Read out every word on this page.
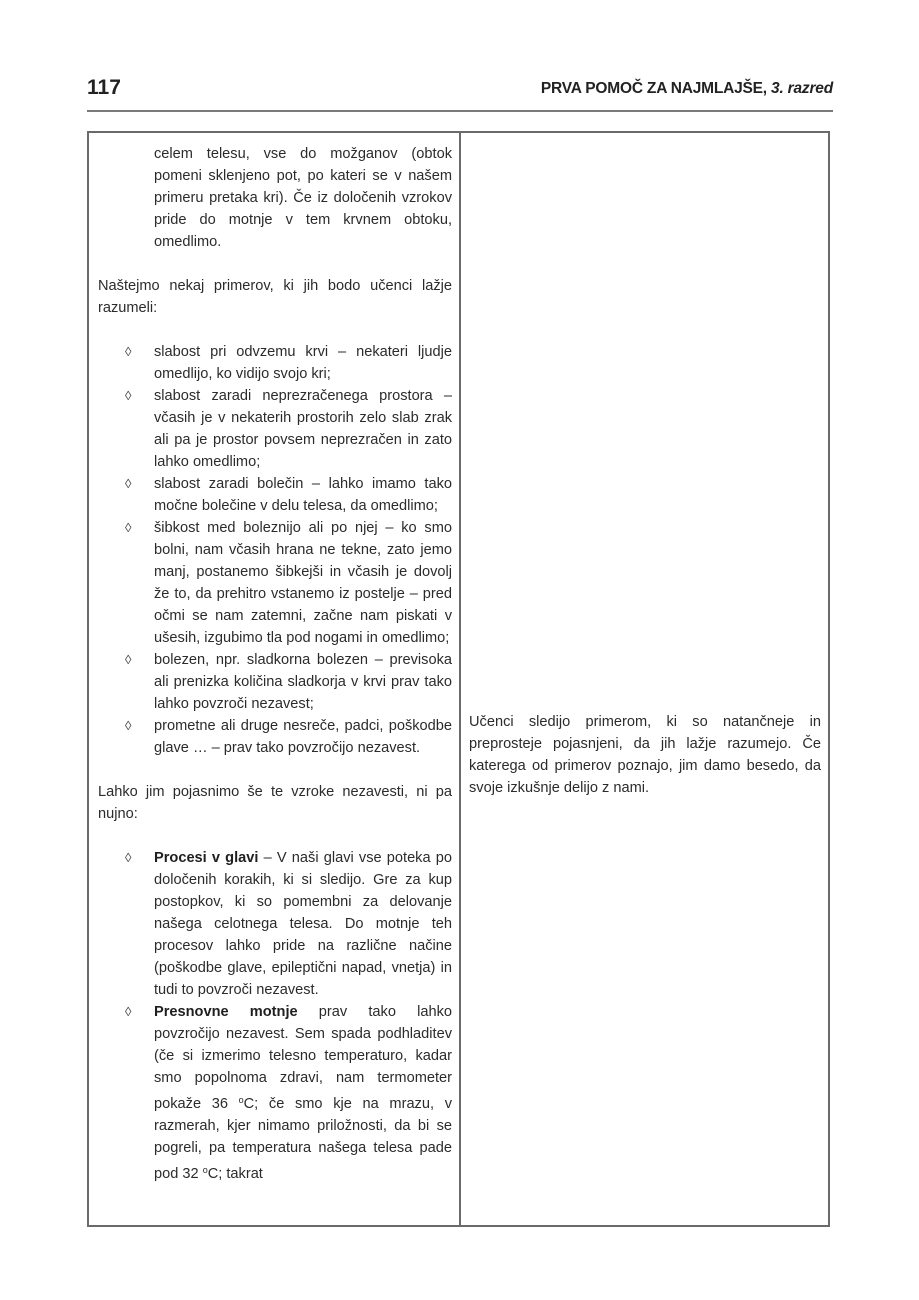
117	PRVA POMOČ ZA NAJMLAJŠE, 3. razred

celem telesu, vse do možganov (obtok pomeni sklenjeno pot, po kateri se v našem primeru pretaka kri). Če iz določenih vzrokov pride do motnje v tem krvnem obtoku, omedlimo.

Naštejmo nekaj primerov, ki jih bodo učenci lažje razumeli:

◊ slabost pri odvzemu krvi – nekateri ljudje omedlijo, ko vidijo svojo kri;
◊ slabost zaradi neprezračenega prostora – včasih je v nekaterih prostorih zelo slab zrak ali pa je prostor povsem neprezračen in zato lahko omedlimo;
◊ slabost zaradi bolečin – lahko imamo tako močne bolečine v delu telesa, da omedlimo;
◊ šibkost med boleznijo ali po njej – ko smo bolni, nam včasih hrana ne tekne, zato jemo manj, postanemo šibkejši in včasih je dovolj že to, da prehitro vstanemo iz postelje – pred očmi se nam zatemni, začne nam piskati v ušesih, izgubimo tla pod nogami in omedlimo;
◊ bolezen, npr. sladkorna bolezen – previsoka ali prenizka količina sladkorja v krvi prav tako lahko povzroči nezavest;
◊ prometne ali druge nesreče, padci, poškodbe glave … – prav tako povzročijo nezavest.

Lahko jim pojasnimo še te vzroke nezavesti, ni pa nujno:

◊ Procesi v glavi – V naši glavi vse poteka po določenih korakih, ki si sledijo. Gre za kup postopkov, ki so pomembni za delovanje našega celotnega telesa. Do motnje teh procesov lahko pride na različne načine (poškodbe glave, epileptični napad, vnetja) in tudi to povzroči nezavest.
◊ Presnovne motnje prav tako lahko povzročijo nezavest. Sem spada podhladitev (če si izmerimo telesno temperaturo, kadar smo popolnoma zdravi, nam termometer pokaže 36 $^o$C; če smo kje na mrazu, v razmerah, kjer nimamo priložnosti, da bi se pogreli, pa temperatura našega telesa pade pod 32 $^o$C; takrat

Učenci sledijo primerom, ki so natančneje in preprosteje pojasnjeni, da jih lažje razumejo. Če katerega od primerov poznajo, jim damo besedo, da svoje izkušnje delijo z nami.
